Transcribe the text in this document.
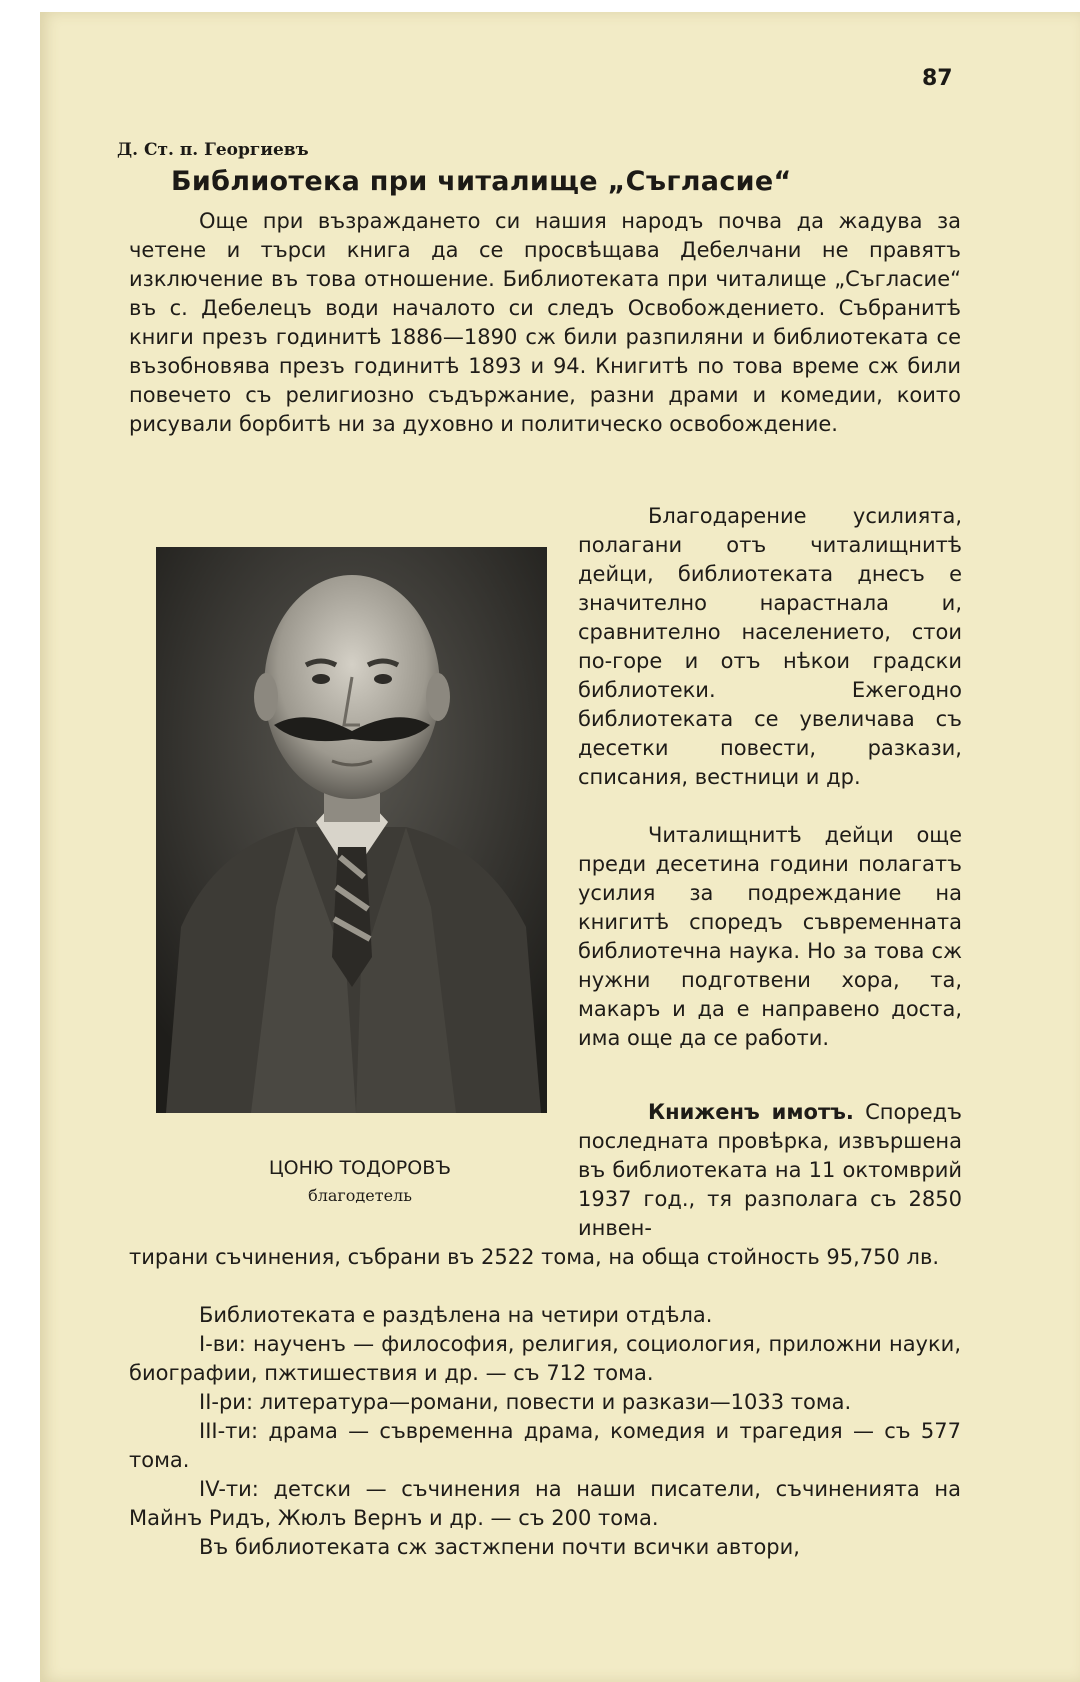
87
Д. Ст. п. Георгиевъ
Библиотека при читалище „Съгласие“
Още при възраждането си нашия народъ почва да жадува за четене и търси книга да се просвѣщава Дебелчани не правятъ изключение въ това отношение. Библиотеката при читалище „Съгласие“ въ с. Дебелецъ води началото си следъ Освобождението. Събранитѣ книги презъ годинитѣ 1886—1890 сж били разпиляни и библиотеката се възобновява презъ годинитѣ 1893 и 94. Книгитѣ по това време сж били повечето съ религиозно съдържание, разни драми и комедии, които рисували борбитѣ ни за духовно и политическо освобождение.
Благодарение усилията, полагани отъ читалищнитѣ дейци, библиотеката днесъ е значително нарастнала и, сравнително населението, стои по-горе и отъ нѣкои градски библиотеки. Ежегодно библиотеката се увеличава съ десетки повести, разкази, списания, вестници и др.
Читалищнитѣ дейци още преди десетина години полагатъ усилия за подреждание на книгитѣ споредъ съвременната библиотечна наука. Но за това сж нужни подготвени хора, та, макаръ и да е направено доста, има още да се работи.
Книженъ имотъ. Споредъ последната провѣрка, извършена въ библиотеката на 11 октомврий 1937 год., тя разполага съ 2850 инвен-
тирани съчинения, събрани въ 2522 тома, на обща стойность 95,750 лв.
Библиотеката е раздѣлена на четири отдѣла.
I-ви: наученъ — философия, религия, социология, приложни науки, биографии, пжтишествия и др. — съ 712 тома.
II-ри: литература—романи, повести и разкази—1033 тома.
III-ти: драма — съвременна драма, комедия и трагедия — съ 577 тома.
IV-ти: детски — съчинения на наши писатели, съчиненията на Майнъ Ридъ, Жюлъ Вернъ и др. — съ 200 тома.
Въ библиотеката сж застжпени почти всички автори,
ЦОНЮ ТОДОРОВЪ
благодетель
